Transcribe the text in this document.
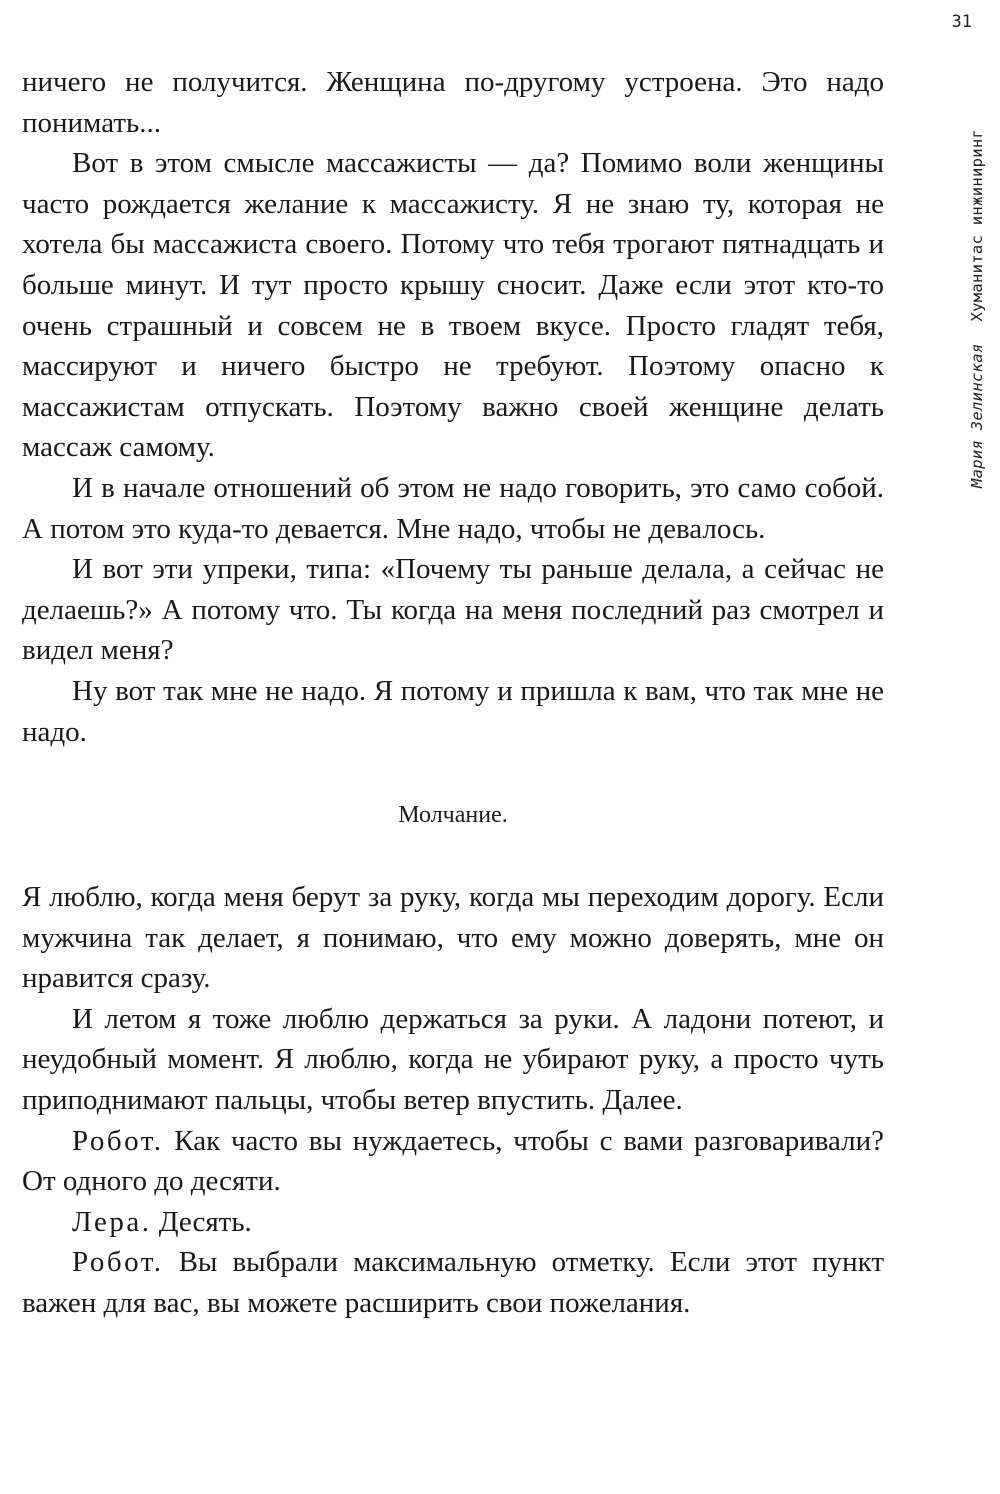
31
Мария ЗелинскаяХуманитас инжиниринг

ничего не получится. Женщина по-другому устроена. Это надо понимать...

Вот в этом смысле массажисты — да? Помимо воли женщины часто рождается желание к массажисту. Я не знаю ту, которая не хотела бы массажиста своего. Потому что тебя трогают пятнадцать и больше минут. И тут просто крышу сносит. Даже если этот кто-то очень страшный и совсем не в твоем вкусе. Просто гладят тебя, массируют и ничего быстро не требуют. Поэтому опасно к массажистам отпускать. Поэтому важно своей женщине делать массаж самому.

И в начале отношений об этом не надо говорить, это само собой. А потом это куда-то девается. Мне надо, чтобы не девалось.

И вот эти упреки, типа: «Почему ты раньше делала, а сейчас не делаешь?» А потому что. Ты когда на меня последний раз смотрел и видел меня?

Ну вот так мне не надо. Я потому и пришла к вам, что так мне не надо.

Молчание.

Я люблю, когда меня берут за руку, когда мы переходим дорогу. Если мужчина так делает, я понимаю, что ему можно доверять, мне он нравится сразу.

И летом я тоже люблю держаться за руки. А ладони потеют, и неудобный момент. Я люблю, когда не убирают руку, а просто чуть приподнимают пальцы, чтобы ветер впустить. Далее.

Робот. Как часто вы нуждаетесь, чтобы с вами разговаривали? От одного до десяти.

Лера. Десять.

Робот. Вы выбрали максимальную отметку. Если этот пункт важен для вас, вы можете расширить свои пожелания.
